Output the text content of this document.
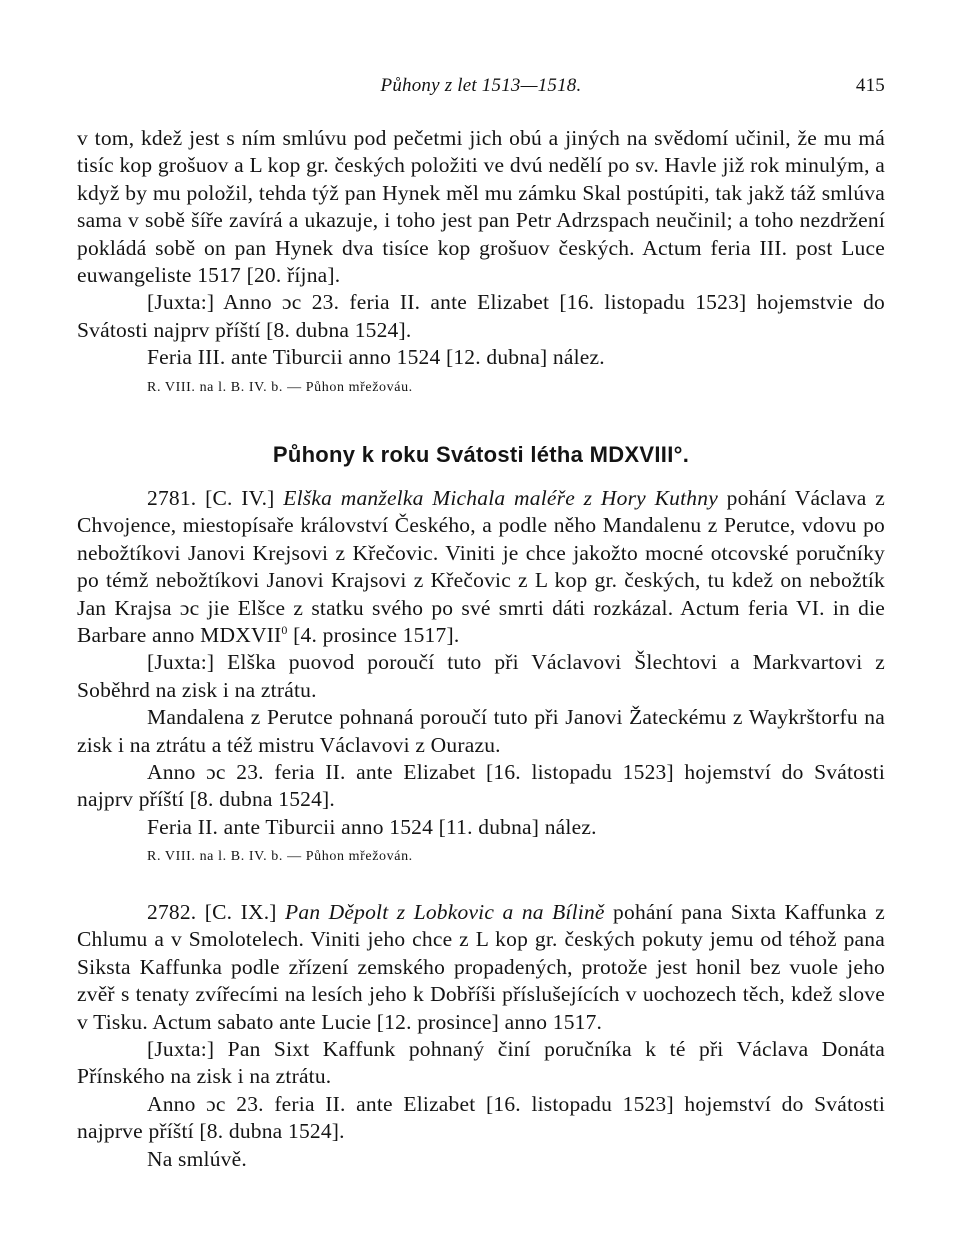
Půhony z let 1513—1518.	415

v tom, kdež jest s ním smlúvu pod pečetmi jich obú a jiných na svědomí učinil, že mu má tisíc kop grošuov a L kop gr. českých položiti ve dvú nedělí po sv. Havle již rok minulým, a když by mu položil, tehda týž pan Hynek měl mu zámku Skal postúpiti, tak jakž táž smlúva sama v sobě šíře zavírá a ukazuje, i toho jest pan Petr Adrzspach neučinil; a toho nezdržení pokládá sobě on pan Hynek dva tisíce kop grošuov českých. Actum feria III. post Luce euwangeliste 1517 [20. října].

[Juxta:] Anno ɔc 23. feria II. ante Elizabet [16. listopadu 1523] hojemstvie do Svátosti najprv příští [8. dubna 1524].

Feria III. ante Tiburcii anno 1524 [12. dubna] nález.

R. VIII. na l. B. IV. b. — Půhon mřežováu.

Půhony k roku Svátosti létha MDXVIII°.

2781. [C. IV.] Elška manželka Michala maléře z Hory Kuthny pohání Václava z Chvojence, miestopísaře království Českého, a podle něho Mandalenu z Perutce, vdovu po nebožtíkovi Janovi Krejsovi z Křečovic. Viniti je chce jakožto mocné otcovské poručníky po témž nebožtíkovi Janovi Krajsovi z Křečovic z L kop gr. českých, tu kdež on nebožtík Jan Krajsa ɔc jie Elšce z statku svého po své smrti dáti rozkázal. Actum feria VI. in die Barbare anno MDXVII$^0$ [4. prosince 1517].

[Juxta:] Elška puovod poroučí tuto při Václavovi Šlechtovi a Markvartovi z Soběhrd na zisk i na ztrátu.

Mandalena z Perutce pohnaná poroučí tuto při Janovi Žateckému z Waykrštorfu na zisk i na ztrátu a též mistru Václavovi z Ourazu.

Anno ɔc 23. feria II. ante Elizabet [16. listopadu 1523] hojemství do Svátosti najprv příští [8. dubna 1524].

Feria II. ante Tiburcii anno 1524 [11. dubna] nález.

R. VIII. na l. B. IV. b. — Půhon mřežován.

2782. [C. IX.] Pan Děpolt z Lobkovic a na Bílině pohání pana Sixta Kaffunka z Chlumu a v Smolotelech. Viniti jeho chce z L kop gr. českých pokuty jemu od téhož pana Siksta Kaffunka podle zřízení zemského propadených, protože jest honil bez vuole jeho zvěř s tenaty zvířecími na lesích jeho k Dobříši příslušejících v uochozech těch, kdež slove v Tisku. Actum sabato ante Lucie [12. prosince] anno 1517.

[Juxta:] Pan Sixt Kaffunk pohnaný činí poručníka k té při Václava Donáta Přínského na zisk i na ztrátu.

Anno ɔc 23. feria II. ante Elizabet [16. listopadu 1523] hojemství do Svátosti najprve příští [8. dubna 1524].

Na smlúvě.
